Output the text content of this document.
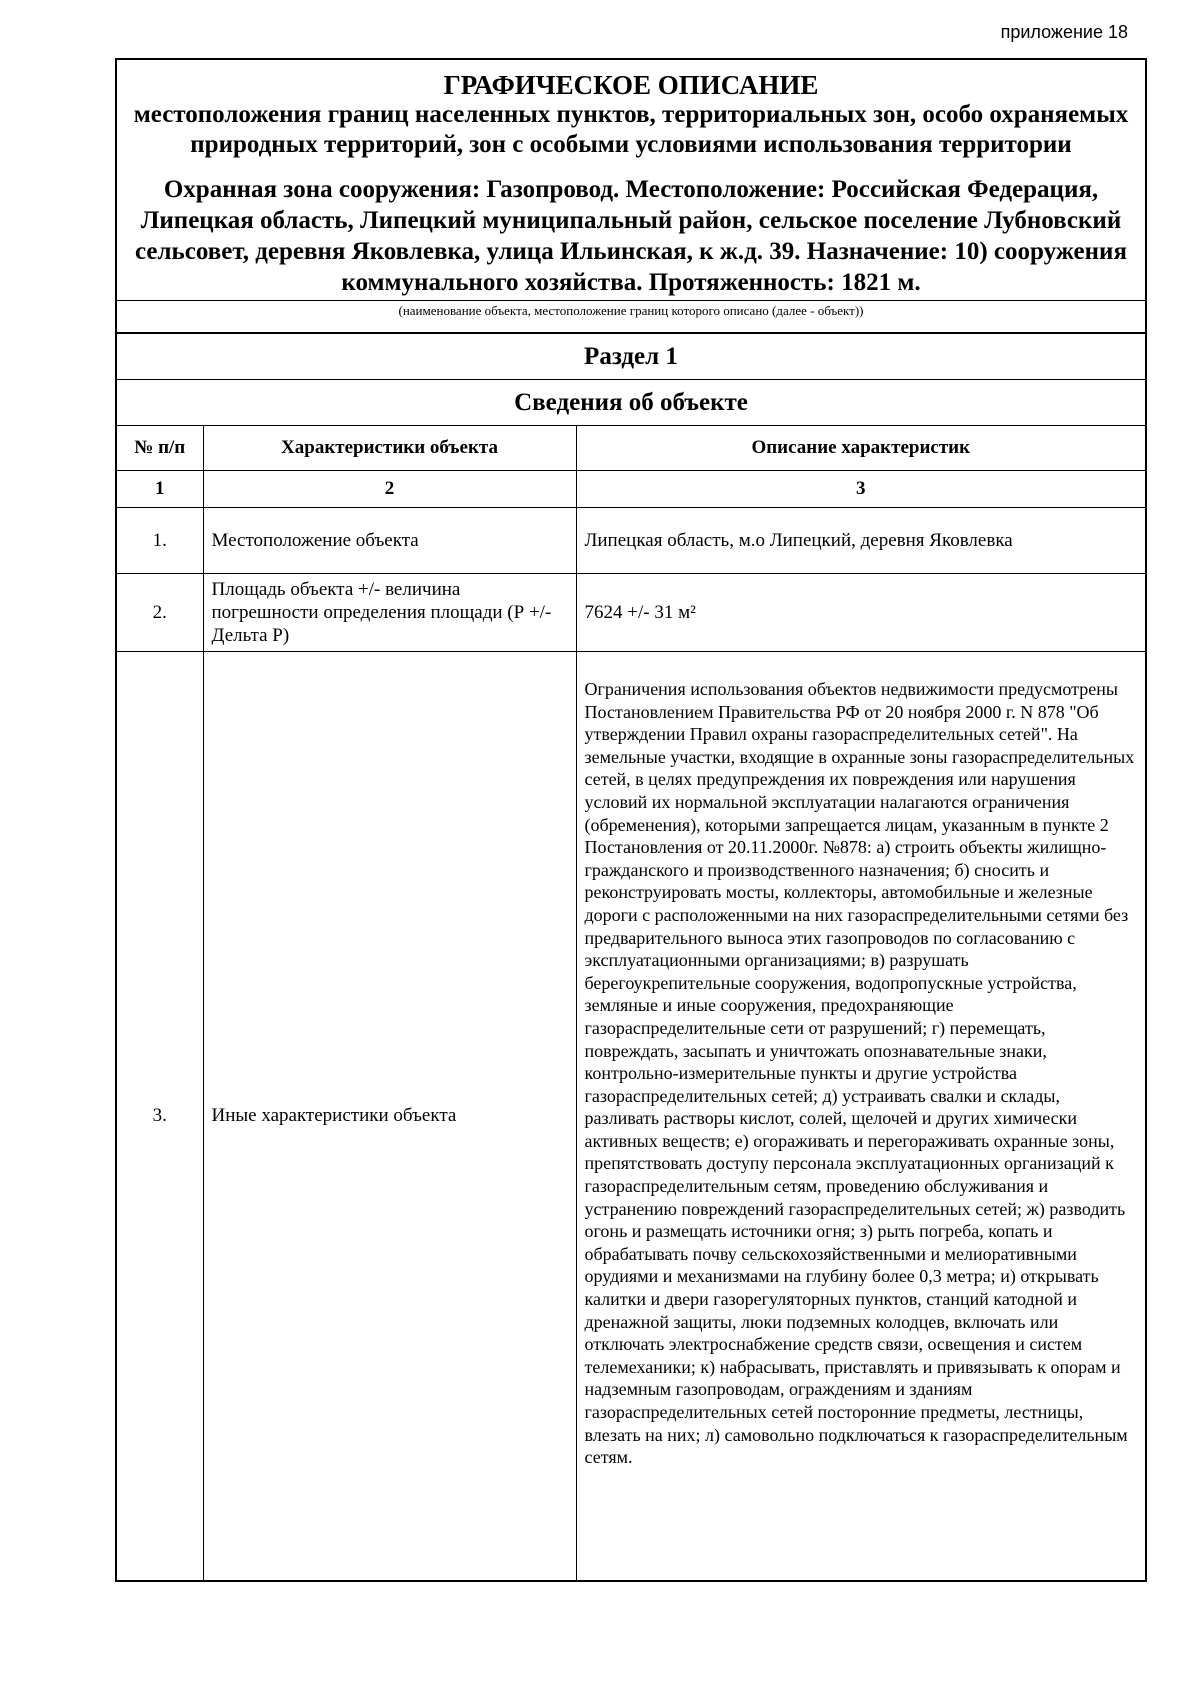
приложение 18
ГРАФИЧЕСКОЕ ОПИСАНИЕ
местоположения границ населенных пунктов, территориальных зон, особо охраняемых природных территорий, зон с особыми условиями использования территории
Охранная зона сооружения: Газопровод. Местоположение: Российская Федерация, Липецкая область, Липецкий муниципальный район, сельское поселение Лубновский сельсовет, деревня Яковлевка, улица Ильинская, к ж.д. 39. Назначение: 10) сооружения коммунального хозяйства. Протяженность: 1821 м.
(наименование объекта, местоположение границ которого описано (далее - объект))
Раздел 1
Сведения об объекте
№ п/п	Характеристики объекта	Описание характеристик
1	2	3
1.	Местоположение объекта	Липецкая область, м.о Липецкий, деревня Яковлевка
2.	Площадь объекта +/- величина погрешности определения площади (Р +/- Дельта Р)	7624 +/- 31 м²
3.	Иные характеристики объекта	Ограничения использования объектов недвижимости предусмотрены Постановлением Правительства РФ от 20 ноября 2000 г. N 878 "Об утверждении Правил охраны газораспределительных сетей". На земельные участки, входящие в охранные зоны газораспределительных сетей, в целях предупреждения их повреждения или нарушения условий их нормальной эксплуатации налагаются ограничения (обременения), которыми запрещается лицам, указанным в пункте 2 Постановления от 20.11.2000г. №878: а) строить объекты жилищно-гражданского и производственного назначения; б) сносить и реконструировать мосты, коллекторы, автомобильные и железные дороги с расположенными на них газораспределительными сетями без предварительного выноса этих газопроводов по согласованию с эксплуатационными организациями; в) разрушать берегоукрепительные сооружения, водопропускные устройства, земляные и иные сооружения, предохраняющие газораспределительные сети от разрушений; г) перемещать, повреждать, засыпать и уничтожать опознавательные знаки, контрольно-измерительные пункты и другие устройства газораспределительных сетей; д) устраивать свалки и склады, разливать растворы кислот, солей, щелочей и других химически активных веществ; е) огораживать и перегораживать охранные зоны, препятствовать доступу персонала эксплуатационных организаций к газораспределительным сетям, проведению обслуживания и устранению повреждений газораспределительных сетей; ж) разводить огонь и размещать источники огня; з) рыть погреба, копать и обрабатывать почву сельскохозяйственными и мелиоративными орудиями и механизмами на глубину более 0,3 метра; и) открывать калитки и двери газорегуляторных пунктов, станций катодной и дренажной защиты, люки подземных колодцев, включать или отключать электроснабжение средств связи, освещения и систем телемеханики; к) набрасывать, приставлять и привязывать к опорам и надземным газопроводам, ограждениям и зданиям газораспределительных сетей посторонние предметы, лестницы, влезать на них; л) самовольно подключаться к газораспределительным сетям.
